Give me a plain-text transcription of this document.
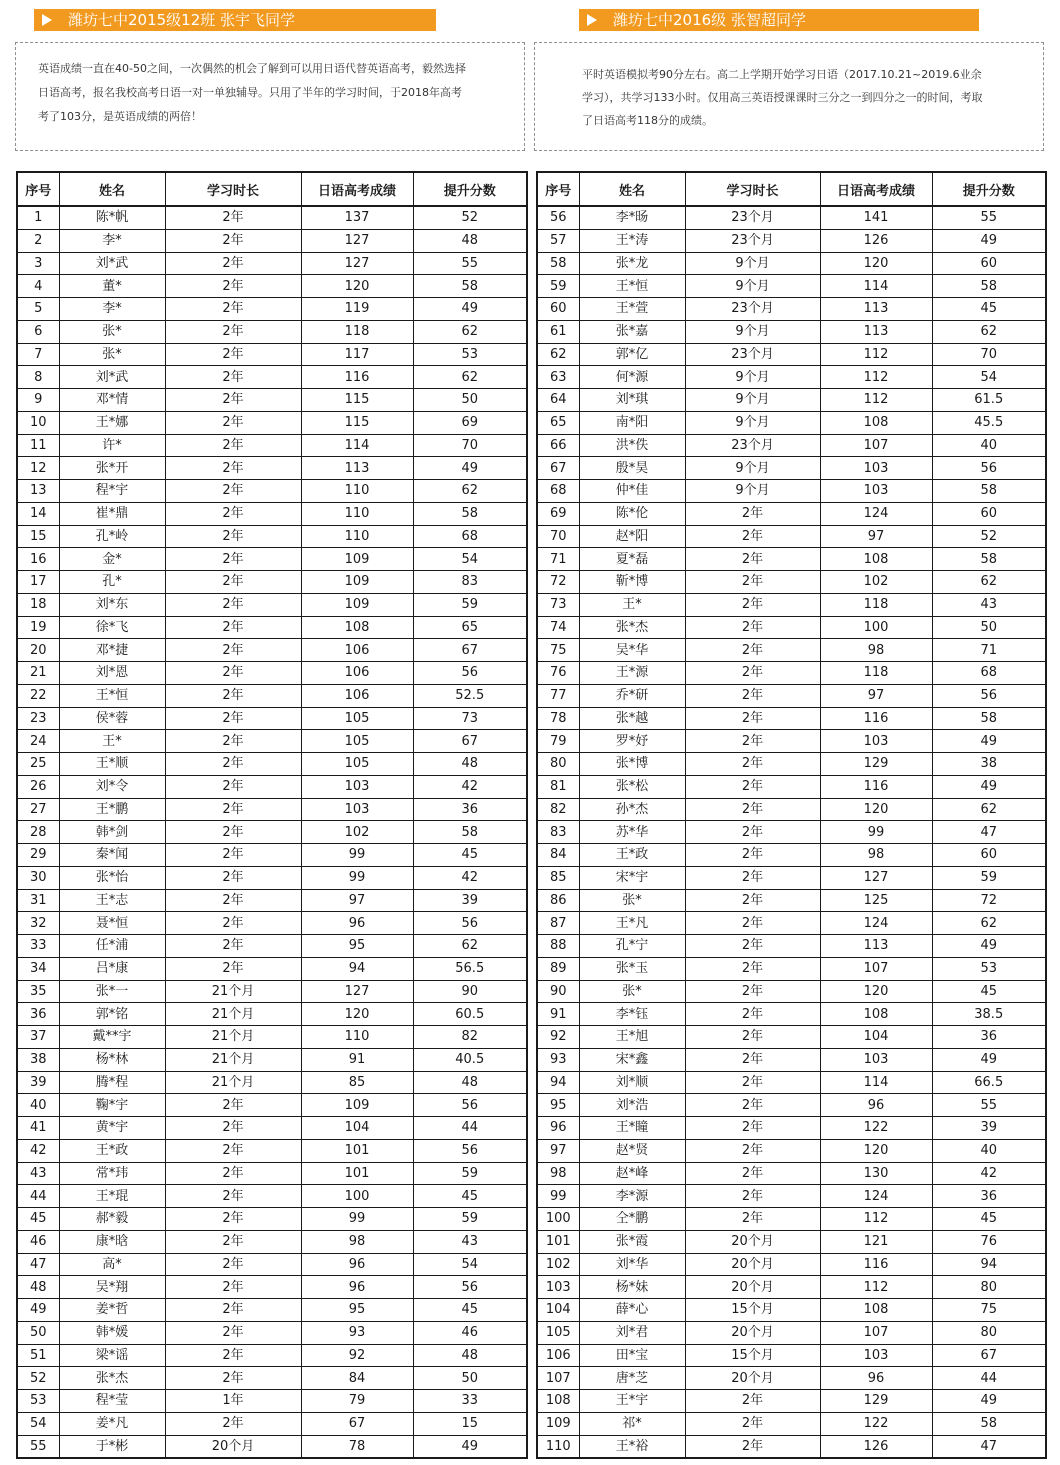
潍坊七中2015级12班 张宇飞同学	潍坊七中2016级 张智超同学
英语成绩一直在40-50之间，一次偶然的机会了解到可以用日语代替英语高考，毅然选择日语高考，报名我校高考日语一对一单独辅导。只用了半年的学习时间，于2018年高考考了103分，是英语成绩的两倍！
平时英语模拟考90分左右。高二上学期开始学习日语（2017.10.21~2019.6业余学习），共学习133小时。仅用高三英语授课课时三分之一到四分之一的时间，考取了日语高考118分的成绩。
序号	姓名	学习时长	日语高考成绩	提升分数
1	陈*帆	2年	137	52
2	李*	2年	127	48
3	刘*武	2年	127	55
4	董*	2年	120	58
5	李*	2年	119	49
6	张*	2年	118	62
7	张*	2年	117	53
8	刘*武	2年	116	62
9	邓*情	2年	115	50
10	王*娜	2年	115	69
11	许*	2年	114	70
12	张*开	2年	113	49
13	程*宇	2年	110	62
14	崔*鼎	2年	110	58
15	孔*岭	2年	110	68
16	金*	2年	109	54
17	孔*	2年	109	83
18	刘*东	2年	109	59
19	徐*飞	2年	108	65
20	邓*捷	2年	106	67
21	刘*恩	2年	106	56
22	王*恒	2年	106	52.5
23	侯*蓉	2年	105	73
24	王*	2年	105	67
25	王*顺	2年	105	48
26	刘*令	2年	103	42
27	王*鹏	2年	103	36
28	韩*剑	2年	102	58
29	秦*闻	2年	99	45
30	张*怡	2年	99	42
31	王*志	2年	97	39
32	聂*恒	2年	96	56
33	任*浦	2年	95	62
34	吕*康	2年	94	56.5
35	张*一	21个月	127	90
36	郭*铭	21个月	120	60.5
37	戴**宇	21个月	110	82
38	杨*林	21个月	91	40.5
39	腾*程	21个月	85	48
40	鞠*宇	2年	109	56
41	黄*宇	2年	104	44
42	王*政	2年	101	56
43	常*玮	2年	101	59
44	王*琨	2年	100	45
45	郝*毅	2年	99	59
46	康*晗	2年	98	43
47	高*	2年	96	54
48	吴*翔	2年	96	56
49	姜*哲	2年	95	45
50	韩*媛	2年	93	46
51	梁*谣	2年	92	48
52	张*杰	2年	84	50
53	程*莹	1年	79	33
54	姜*凡	2年	67	15
55	于*彬	20个月	78	49
序号	姓名	学习时长	日语高考成绩	提升分数
56	李*旸	23个月	141	55
57	王*涛	23个月	126	49
58	张*龙	9个月	120	60
59	王*恒	9个月	114	58
60	王*萱	23个月	113	45
61	张*嘉	9个月	113	62
62	郭*亿	23个月	112	70
63	何*源	9个月	112	54
64	刘*琪	9个月	112	61.5
65	南*阳	9个月	108	45.5
66	洪*佚	23个月	107	40
67	殷*昊	9个月	103	56
68	仲*佳	9个月	103	58
69	陈*伦	2年	124	60
70	赵*阳	2年	97	52
71	夏*磊	2年	108	58
72	靳*博	2年	102	62
73	王*	2年	118	43
74	张*杰	2年	100	50
75	吴*华	2年	98	71
76	王*源	2年	118	68
77	乔*研	2年	97	56
78	张*越	2年	116	58
79	罗*妤	2年	103	49
80	张*博	2年	129	38
81	张*松	2年	116	49
82	孙*杰	2年	120	62
83	苏*华	2年	99	47
84	王*政	2年	98	60
85	宋*宇	2年	127	59
86	张*	2年	125	72
87	王*凡	2年	124	62
88	孔*宁	2年	113	49
89	张*玉	2年	107	53
90	张*	2年	120	45
91	李*钰	2年	108	38.5
92	王*旭	2年	104	36
93	宋*鑫	2年	103	49
94	刘*顺	2年	114	66.5
95	刘*浩	2年	96	55
96	王*瞳	2年	122	39
97	赵*贤	2年	120	40
98	赵*峰	2年	130	42
99	李*源	2年	124	36
100	仝*鹏	2年	112	45
101	张*霞	20个月	121	76
102	刘*华	20个月	116	94
103	杨*妹	20个月	112	80
104	薛*心	15个月	108	75
105	刘*君	20个月	107	80
106	田*宝	15个月	103	67
107	唐*芝	20个月	96	44
108	王*宇	2年	129	49
109	祁*	2年	122	58
110	王*裕	2年	126	47
